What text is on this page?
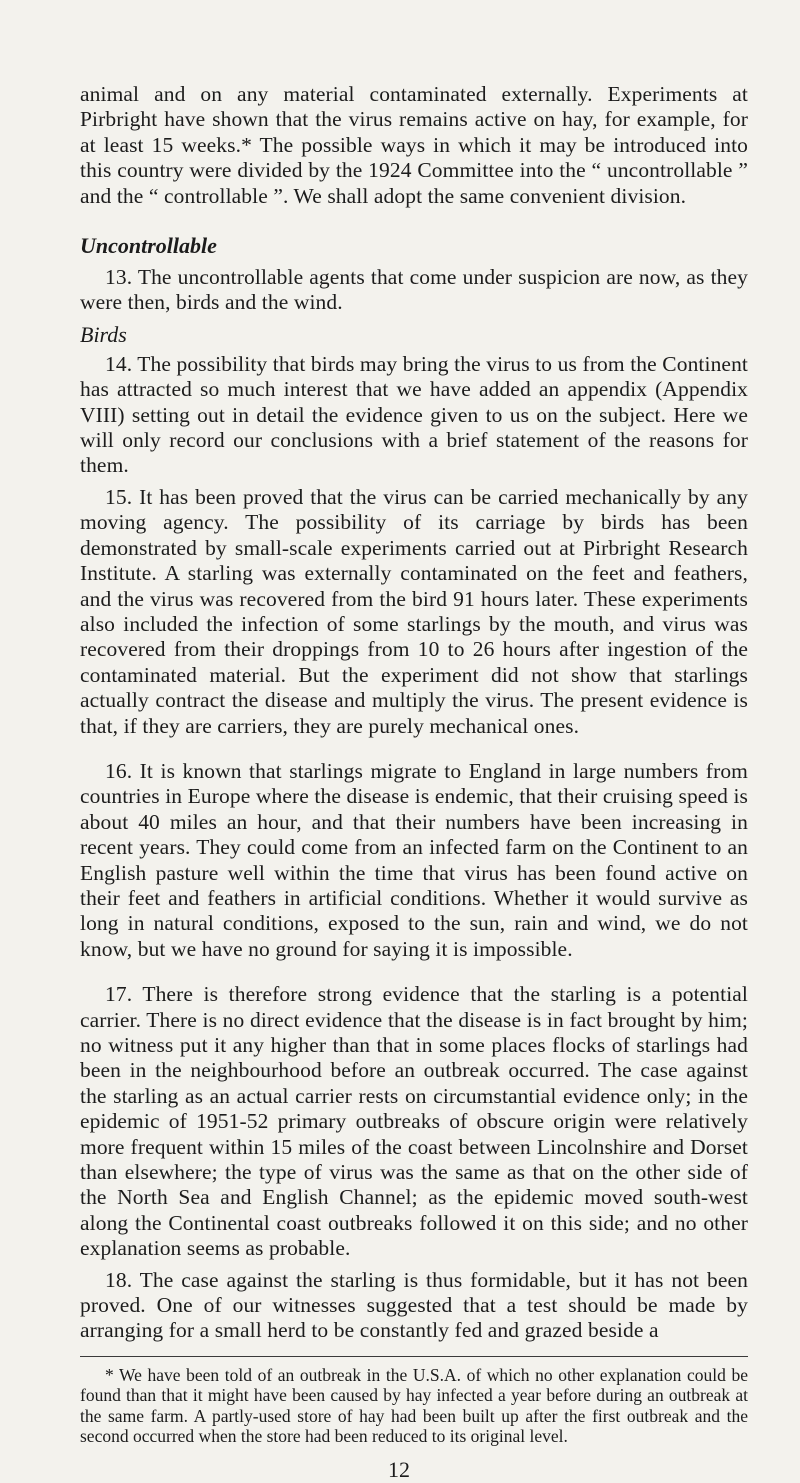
animal and on any material contaminated externally. Experiments at Pirbright have shown that the virus remains active on hay, for example, for at least 15 weeks.* The possible ways in which it may be introduced into this country were divided by the 1924 Committee into the “ uncontrollable ” and the “ controllable ”. We shall adopt the same convenient division.

Uncontrollable

13. The uncontrollable agents that come under suspicion are now, as they were then, birds and the wind.

Birds

14. The possibility that birds may bring the virus to us from the Continent has attracted so much interest that we have added an appendix (Appendix VIII) setting out in detail the evidence given to us on the subject. Here we will only record our conclusions with a brief statement of the reasons for them.

15. It has been proved that the virus can be carried mechanically by any moving agency. The possibility of its carriage by birds has been demonstrated by small-scale experiments carried out at Pirbright Research Institute. A starling was externally contaminated on the feet and feathers, and the virus was recovered from the bird 91 hours later. These experiments also included the infection of some starlings by the mouth, and virus was recovered from their droppings from 10 to 26 hours after ingestion of the contaminated material. But the experiment did not show that starlings actually contract the disease and multiply the virus. The present evidence is that, if they are carriers, they are purely mechanical ones.

16. It is known that starlings migrate to England in large numbers from countries in Europe where the disease is endemic, that their cruising speed is about 40 miles an hour, and that their numbers have been increasing in recent years. They could come from an infected farm on the Continent to an English pasture well within the time that virus has been found active on their feet and feathers in artificial conditions. Whether it would survive as long in natural conditions, exposed to the sun, rain and wind, we do not know, but we have no ground for saying it is impossible.

17. There is therefore strong evidence that the starling is a potential carrier. There is no direct evidence that the disease is in fact brought by him; no witness put it any higher than that in some places flocks of starlings had been in the neighbourhood before an outbreak occurred. The case against the starling as an actual carrier rests on circumstantial evidence only; in the epidemic of 1951-52 primary outbreaks of obscure origin were relatively more frequent within 15 miles of the coast between Lincolnshire and Dorset than elsewhere; the type of virus was the same as that on the other side of the North Sea and English Channel; as the epidemic moved south-west along the Continental coast outbreaks followed it on this side; and no other explanation seems as probable.

18. The case against the starling is thus formidable, but it has not been proved. One of our witnesses suggested that a test should be made by arranging for a small herd to be constantly fed and grazed beside a

* We have been told of an outbreak in the U.S.A. of which no other explanation could be found than that it might have been caused by hay infected a year before during an outbreak at the same farm. A partly-used store of hay had been built up after the first outbreak and the second occurred when the store had been reduced to its original level.

12
